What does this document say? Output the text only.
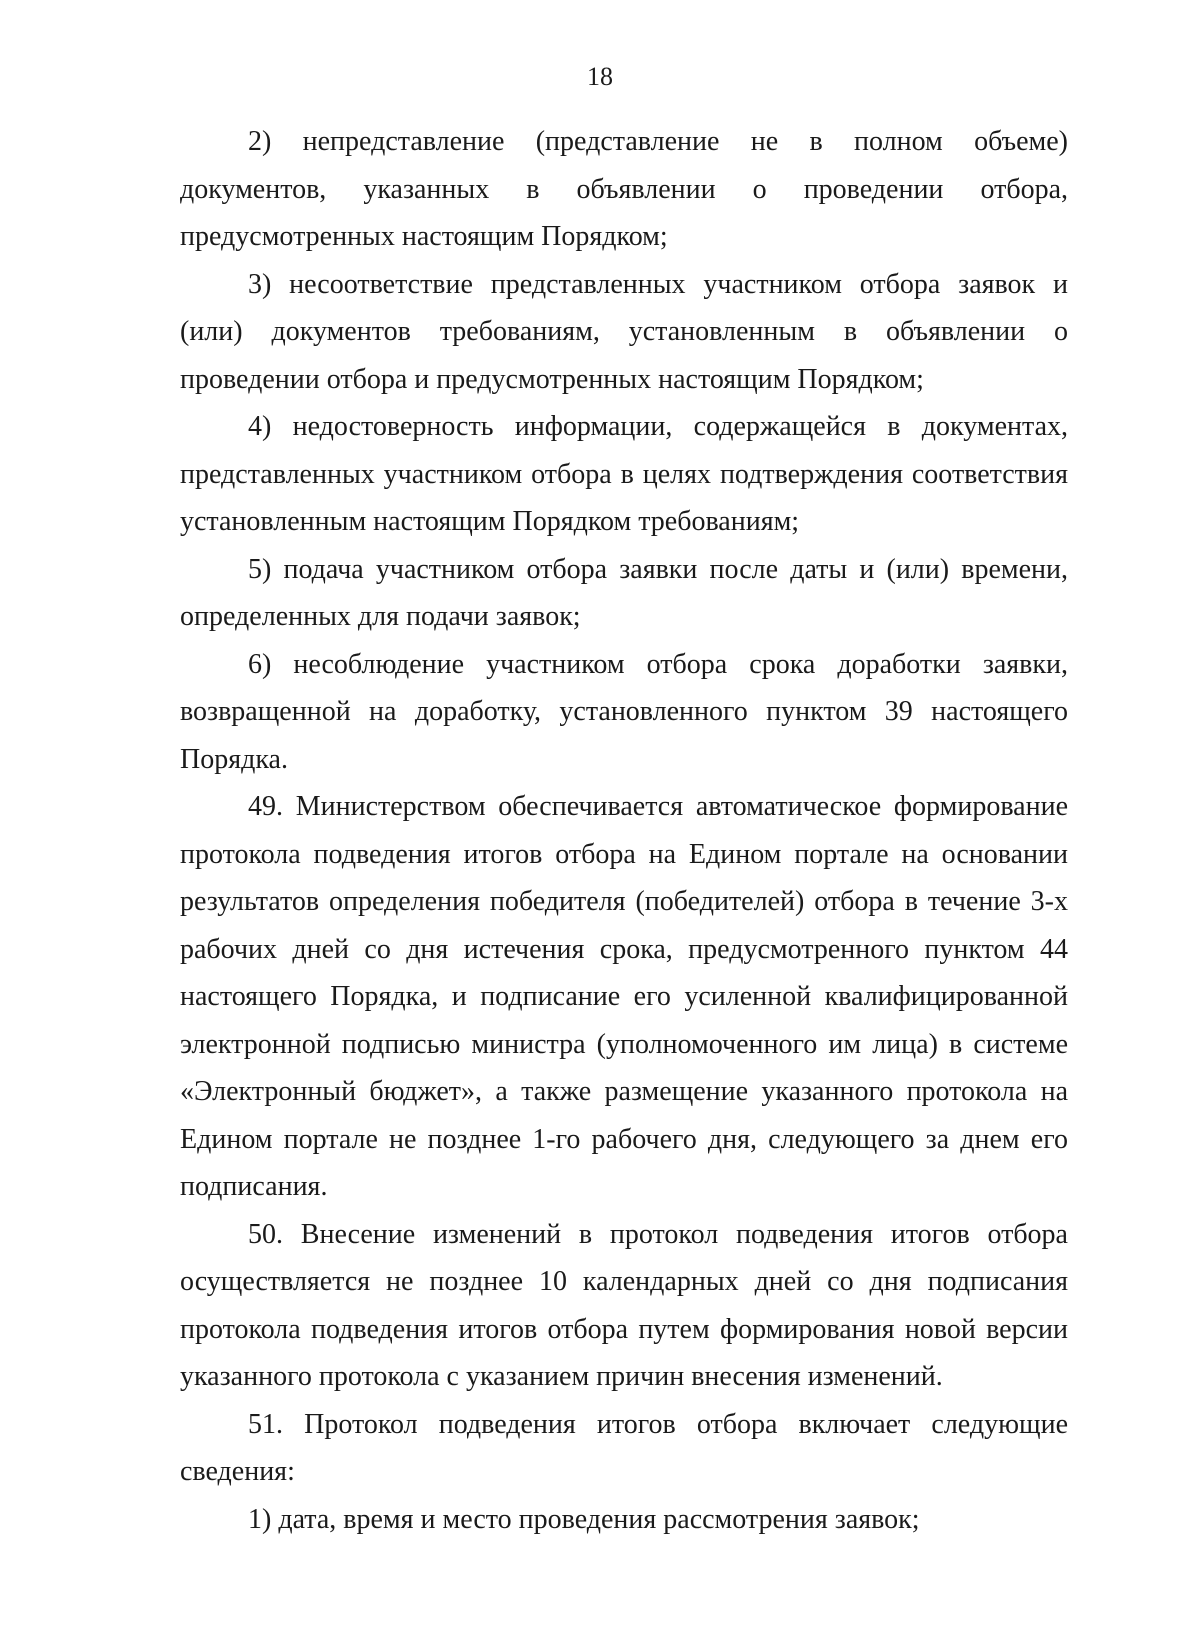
18

2) непредставление (представление не в полном объеме) документов, указанных в объявлении о проведении отбора, предусмотренных настоящим Порядком;

3) несоответствие представленных участником отбора заявок и (или) документов требованиям, установленным в объявлении о проведении отбора и предусмотренных настоящим Порядком;

4) недостоверность информации, содержащейся в документах, представленных участником отбора в целях подтверждения соответствия установленным настоящим Порядком требованиям;

5) подача участником отбора заявки после даты и (или) времени, определенных для подачи заявок;

6) несоблюдение участником отбора срока доработки заявки, возвращенной на доработку, установленного пунктом 39 настоящего Порядка.

49. Министерством обеспечивается автоматическое формирование протокола подведения итогов отбора на Едином портале на основании результатов определения победителя (победителей) отбора в течение 3-х рабочих дней со дня истечения срока, предусмотренного пунктом 44 настоящего Порядка, и подписание его усиленной квалифицированной электронной подписью министра (уполномоченного им лица) в системе «Электронный бюджет», а также размещение указанного протокола на Едином портале не позднее 1-го рабочего дня, следующего за днем его подписания.

50. Внесение изменений в протокол подведения итогов отбора осуществляется не позднее 10 календарных дней со дня подписания протокола подведения итогов отбора путем формирования новой версии указанного протокола с указанием причин внесения изменений.

51. Протокол подведения итогов отбора включает следующие сведения:

1) дата, время и место проведения рассмотрения заявок;
